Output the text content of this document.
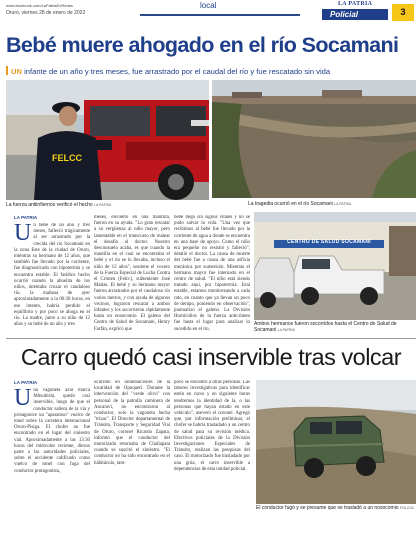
www.facebook.com/LaPatriaEnRedes
Oruro, viernes 28 de enero de 2022
local	LA PATRIA
Policial	3
Bebé muere ahogado en el río Socamani
UN infante de un año y tres meses, fue arrastrado por el caudal del río y fue rescatado sin vida
FELCC
La fuerza antiinfiernos verificó el hecho LA PATRIA	La tragedia ocurrió en el río Socamani LA PATRIA
LA PATRIA
Un bebé de un año y tres meses, falleció trágicamente al ser arrastrado por la crecida del río Socamani en la zona Este de la ciudad de Oruro, mientras su hermano de 12 años, que también fue llevado por la corriente, fue diagnosticado con hipotermia y se encuentra estable. El fatídico hecho ocurrió cuando la abuelita de los niños, intentaba cruzar el caudaloso río, la mañana de ayer aproximadamente a la 06:30 horas, en ese intento, habría perdido el equilibrio y por poco se ahoga en el río. La madre, junto a su niño de 12 años y su bebé de un año y tres
meses, envuelto en una mantilla, fueron en su ayuda. "Lo gran rescatar a su vergüenza al niño mayor, pero lamentable en el transcurso de malear el desafío al doctor. Nuestro desconsuelo acaba, es que cuando la mantilla en el cual se encontraba el bebé y el río se lo llevaba, incluso el niño de 12 años", sostiene el vocero de la Fuerza Especial de Lucha Contra el Crimen (Felcc), subteniente José Matias. El bebé y su hermano mayor fueron arrastrados por el caudaloso río varios metros, y con ayuda de algunos vecinos, lograron rescatar a ambos infantes y los socorrieron rápidamente hasta un nosocomio. El galeno del Centro de Salud de Socamani, Henry Farfán, explicó que
bebé llegó sin signos vitales y no se pudo salvar la vida. "Una vez que recibimos al bebé fue llevado por la corriente de agua a donde se encuentra en una base de apoyo. Como el niño era pequeño no resistió y falleció", detalló el doctor. La causa de muerte del bebé fue a causa de una asfixia mecánica por sumersión. Mientras el hermano mayor fue internado en el centro de salud. "El niño está siendo tratado aquí, por hipotermia. Está estable, estamos monitoreando a cada rato, en cuanto que ya llevan un poco de tiempo, poniendo en observación", puntualizó el galeno. La División Homicidios de la fuerza anticrimen fue hasta el lugar para analizar lo sucedido en el río,
CENTRO DE SALUD SOCAMANI
Ambos hermanos fueron socorridos hasta el Centro de Salud de Socamani LA PATRIA
Carro quedó casi inservible tras volcar
LA PATRIA
Una vagoneta azul marca Mitsubishi, quedó casi inservible, luego de que el conductor saliera de la vía y protagonice un "aparatoso" vuelco de tonel sobre la carretera internacional Oruro-Pisiga. El chofer no fue encontrado en el lugar del siniestro vial. Aproximadamente a las 13:30 horas del miércoles reciente, dieron parte a las autoridades policiales, sobre el accidente calificado como vuelco de tonel con fuga del conductor protagonista,
ocurrido en inmediaciones de la localidad de Opoqueri. Durante la intervención del "verde olivo" con personal de la patrulla caminera de Ancaravi, no encontraron al conductor, solo la vagoneta hecha "trizas". El Director departamental de Tránsito, Transporte y Seguridad Vial de Oruro, coronel Ricardo Zapata, informó que el conductor del motorizado retornaba de Challapata cuando se suscitó el siniestro. "El conductor no ha sido encontrado en el hábitáculo, tam-
poco se encontró a otras personas. Las labores investigativas para identificar estén en curso y en siguiente horas tendremos la identidad de la, o las personas que hayan estado en este vehículo", aseveró el coronel. Agregó que, por información preliminar, el chofer se habría trasladado a un centro de salud para su revisión médica. Efectivos policiales de la División Investigaciones Especiales de Tránsito, realizan las pesquisas del caso. El motorizado fue trasladado por una grúa, el carro inservible a dependencias de esta unidad policial.
El conductor fugó y se presume que se trasladó a un nosocomio POLICÍA
